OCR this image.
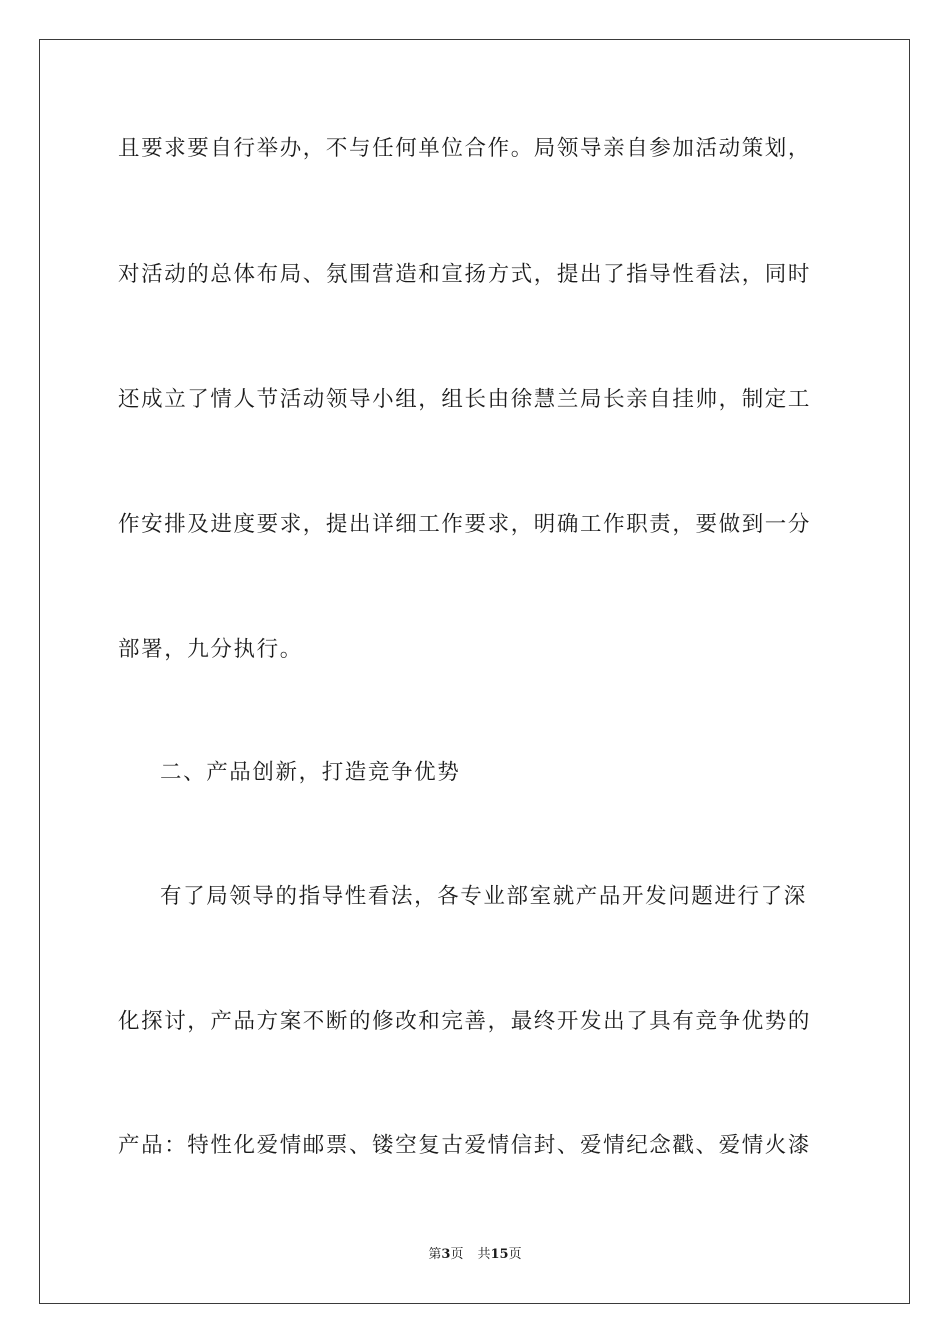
且要求要自行举办，不与任何单位合作。局领导亲自参加活动策划，
对活动的总体布局、氛围营造和宣扬方式，提出了指导性看法，同时
还成立了情人节活动领导小组，组长由徐慧兰局长亲自挂帅，制定工
作安排及进度要求，提出详细工作要求，明确工作职责，要做到一分
部署，九分执行。
二、产品创新，打造竞争优势
有了局领导的指导性看法，各专业部室就产品开发问题进行了深
化探讨，产品方案不断的修改和完善，最终开发出了具有竞争优势的
产品：特性化爱情邮票、镂空复古爱情信封、爱情纪念戳、爱情火漆
第3页 共15页
